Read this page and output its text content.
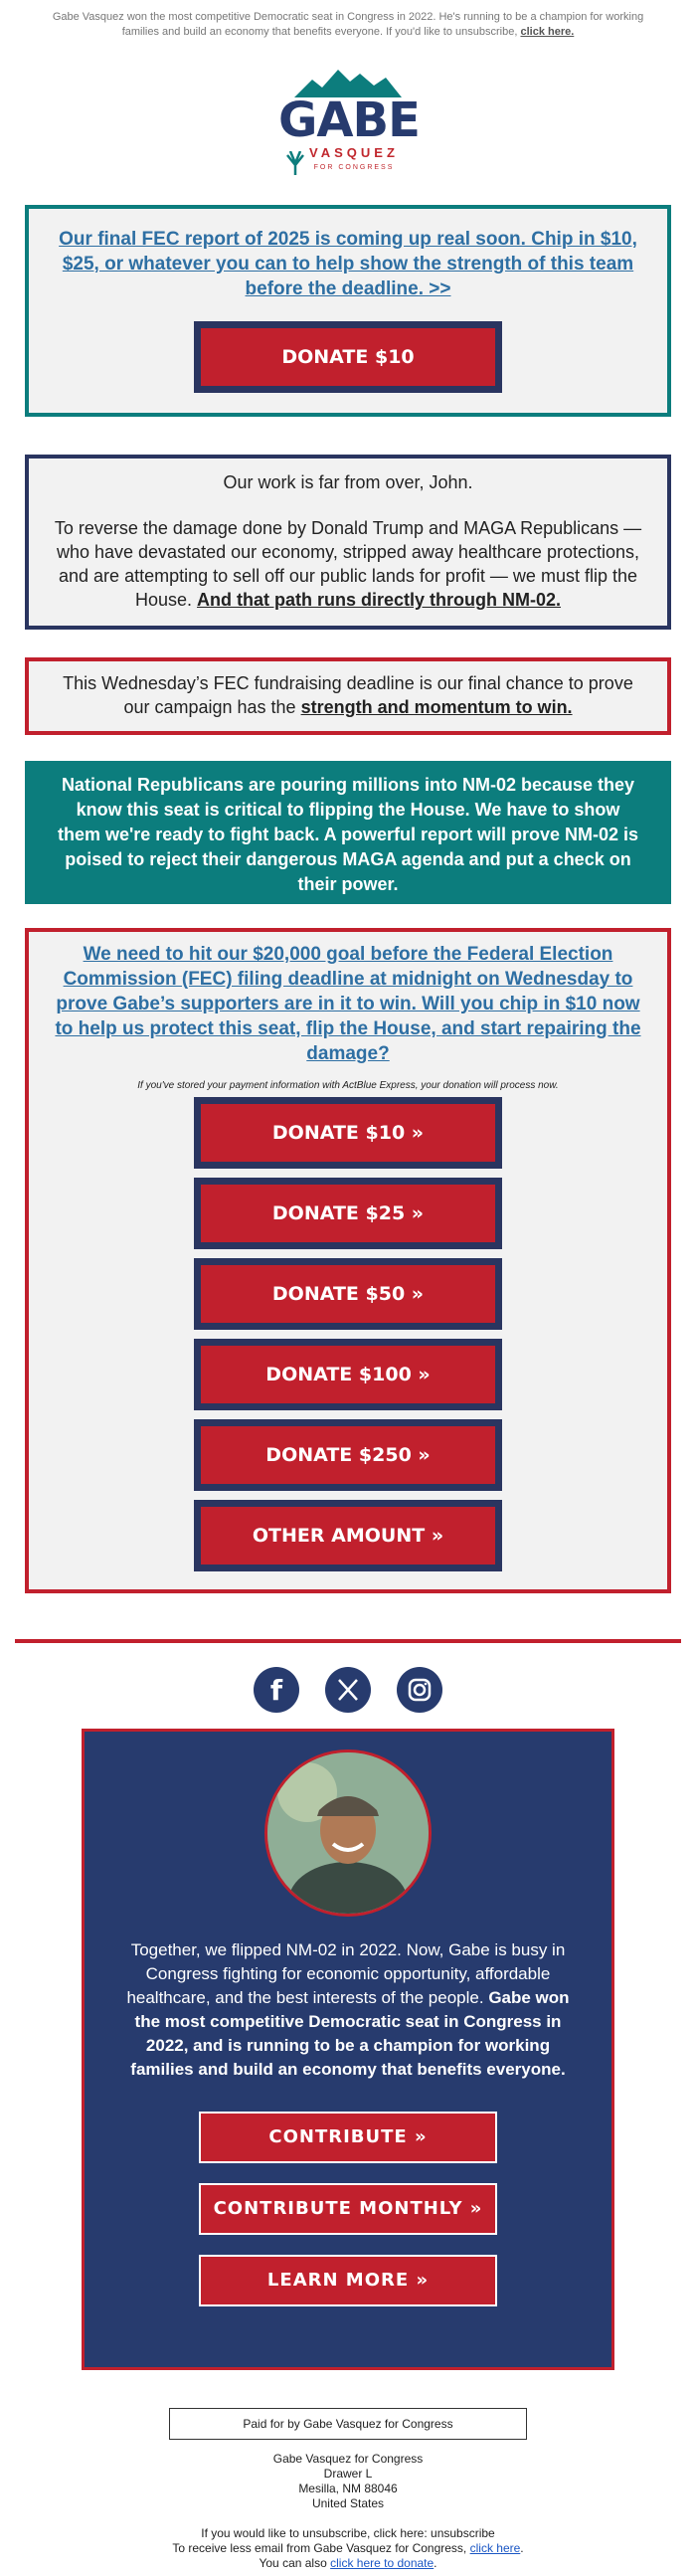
Gabe Vasquez won the most competitive Democratic seat in Congress in 2022. He's running to be a champion for working families and build an economy that benefits everyone. If you'd like to unsubscribe, click here.
GABE
VASQUEZ
FOR CONGRESS
Our final FEC report of 2025 is coming up real soon. Chip in $10, $25, or whatever you can to help show the strength of this team before the deadline. >>
DONATE $10

Our work is far from over, John.

To reverse the damage done by Donald Trump and MAGA Republicans — who have devastated our economy, stripped away healthcare protections, and are attempting to sell off our public lands for profit — we must flip the House. And that path runs directly through NM-02.

This Wednesday’s FEC fundraising deadline is our final chance to prove our campaign has the strength and momentum to win.
National Republicans are pouring millions into NM-02 because they know this seat is critical to flipping the House. We have to show them we're ready to fight back. A powerful report will prove NM-02 is poised to reject their dangerous MAGA agenda and put a check on their power.
We need to hit our $20,000 goal before the Federal Election Commission (FEC) filing deadline at midnight on Wednesday to prove Gabe’s supporters are in it to win. Will you chip in $10 now to help us protect this seat, flip the House, and start repairing the damage?
If you've stored your payment information with ActBlue Express, your donation will process now.
DONATE $10 »
DONATE $25 »
DONATE $50 »
DONATE $100 »
DONATE $250 »
OTHER AMOUNT »
f
Together, we flipped NM-02 in 2022. Now, Gabe is busy in Congress fighting for economic opportunity, affordable healthcare, and the best interests of the people. Gabe won the most competitive Democratic seat in Congress in 2022, and is running to be a champion for working families and build an economy that benefits everyone.
CONTRIBUTE »
CONTRIBUTE MONTHLY »
LEARN MORE »
Paid for by Gabe Vasquez for Congress
Gabe Vasquez for Congress
Drawer L
Mesilla, NM 88046
United States
If you would like to unsubscribe, click here: unsubscribe
To receive less email from Gabe Vasquez for Congress, click here.
You can also click here to donate.
